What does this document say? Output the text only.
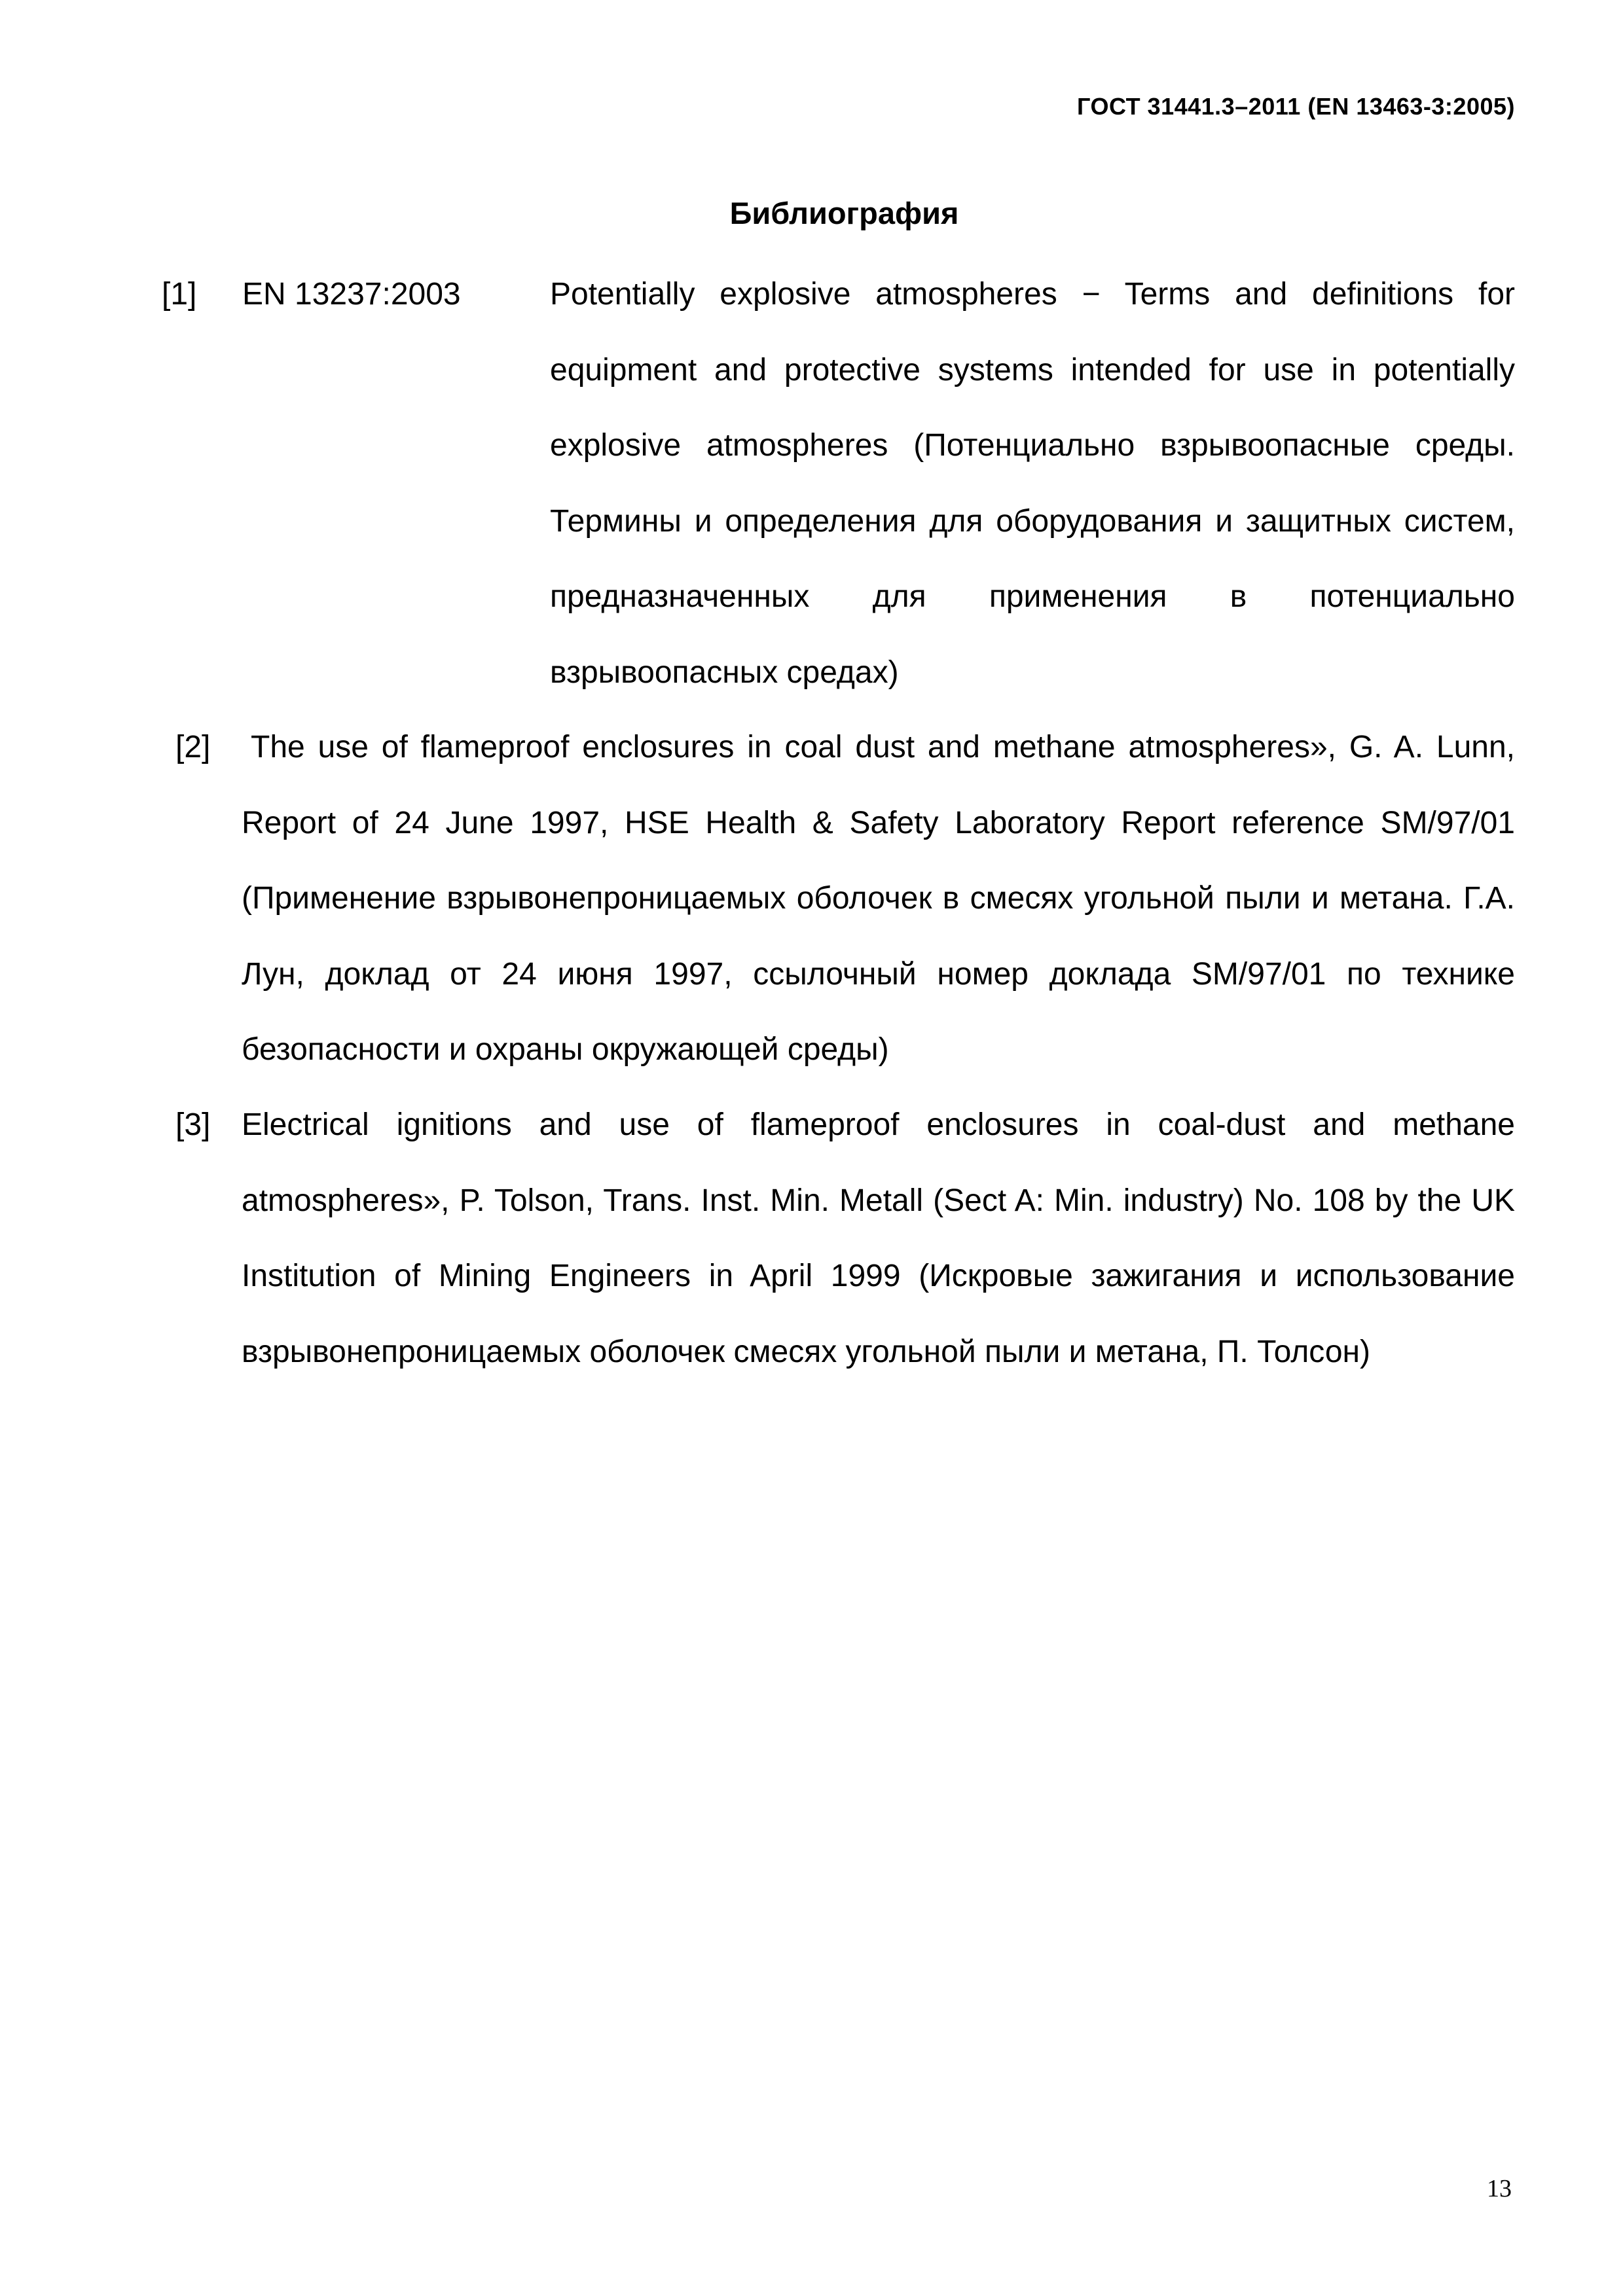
ГОСТ 31441.3–2011 (EN 13463-3:2005)
Библиография
[1] EN 13237:2003	Potentially explosive atmospheres − Terms and definitions for equipment and protective systems intended for use in potentially explosive atmospheres (Потенциально взрывоопасные среды. Термины и определения для оборудования и защитных систем, предназначенных для применения в потенциально взрывоопасных средах)
[2] The use of flameproof enclosures in coal dust and methane atmospheres», G. A. Lunn, Report of 24 June 1997, HSE Health & Safety Laboratory Report reference SM/97/01 (Применение взрывонепроницаемых оболочек в смесях угольной пыли и метана. Г.А. Лун, доклад от 24 июня 1997, ссылочный номер доклада SM/97/01 по технике безопасности и охраны окружающей среды)
[3] Electrical ignitions and use of flameproof enclosures in coal-dust and methane atmospheres», P. Tolson, Trans. Inst. Min. Metall (Sect A: Min. industry) No. 108 by the UK Institution of Mining Engineers in April 1999 (Искровые зажигания и использование взрывонепроницаемых оболочек смесях угольной пыли и метана, П. Толсон)
13
